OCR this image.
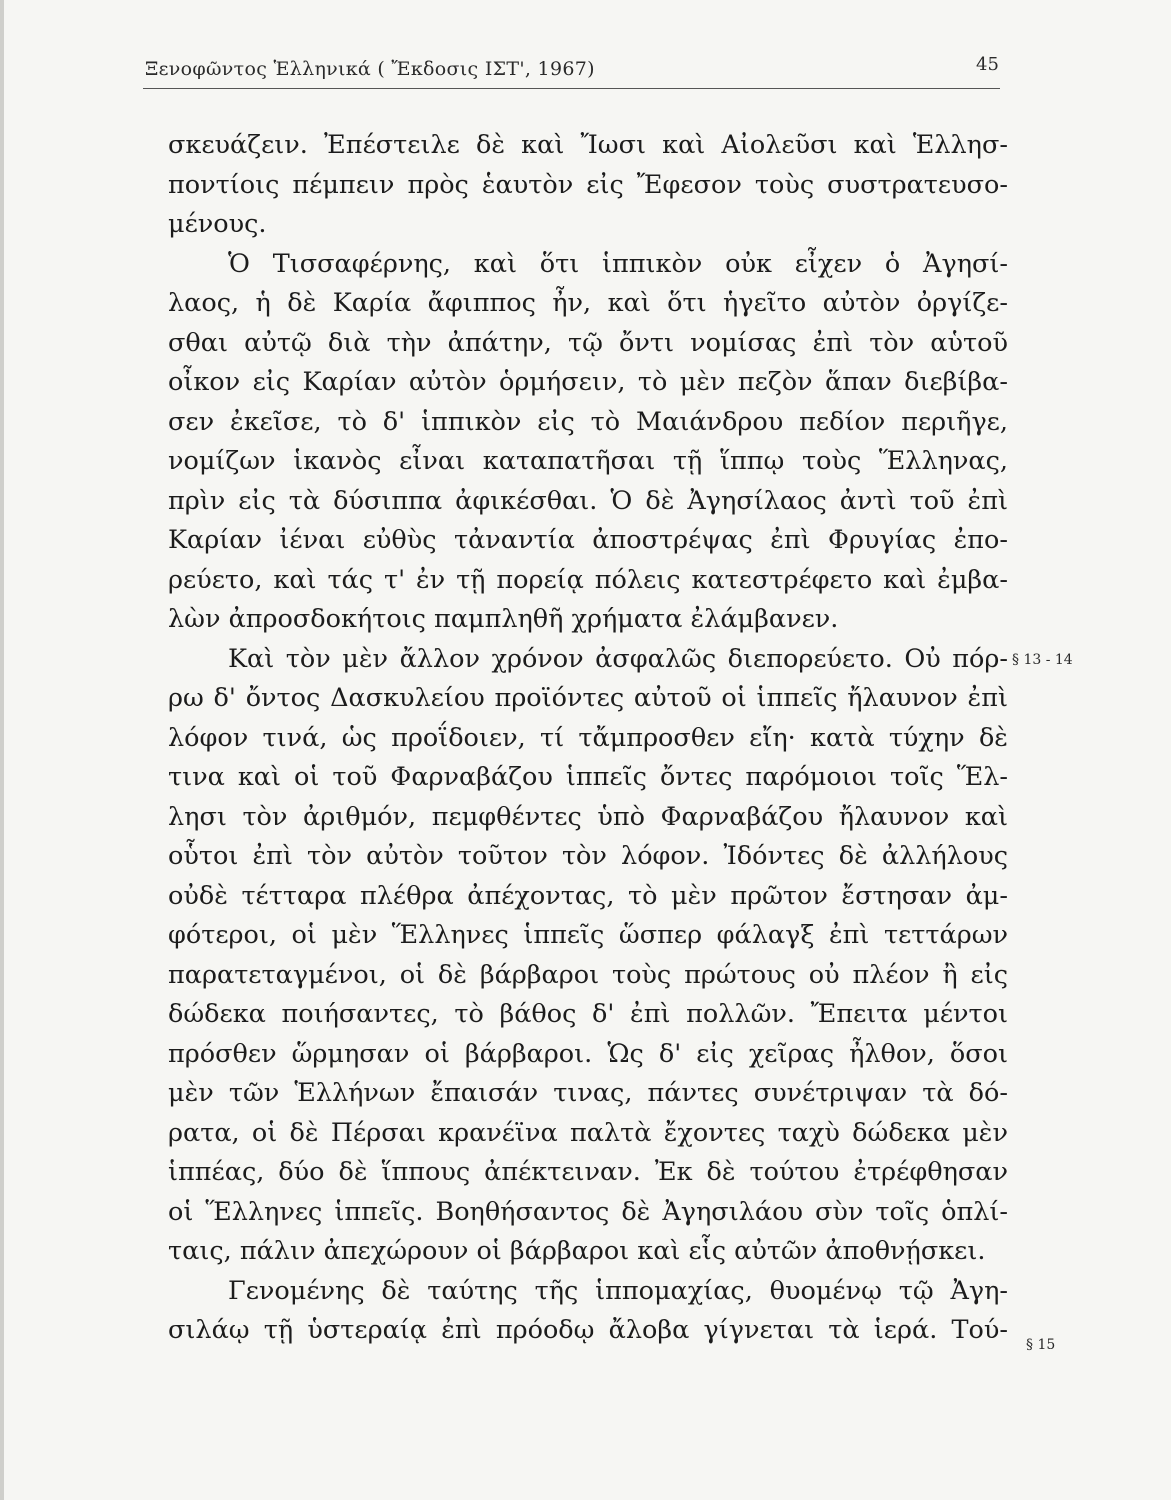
Ξενοφῶντος Ἑλληνικά ( Ἔκδοσις ΙΣΤ', 1967)	45
σκευάζειν. Ἐπέστειλε δὲ καὶ Ἴωσι καὶ Αἰολεῦσι καὶ Ἑλλησ-
ποντίοις πέμπειν πρὸς ἑαυτὸν εἰς Ἔφεσον τοὺς συστρατευσο-
μένους.
Ὁ Τισσαφέρνης, καὶ ὅτι ἱππικὸν οὐκ εἶχεν ὁ Ἀγησί-
λαος, ἡ δὲ Καρία ἄφιππος ἦν, καὶ ὅτι ἡγεῖτο αὐτὸν ὀργίζε-
σθαι αὐτῷ διὰ τὴν ἀπάτην, τῷ ὄντι νομίσας ἐπὶ τὸν αὑτοῦ
οἶκον εἰς Καρίαν αὐτὸν ὁρμήσειν, τὸ μὲν πεζὸν ἅπαν διεβίβα-
σεν ἐκεῖσε, τὸ δ' ἱππικὸν εἰς τὸ Μαιάνδρου πεδίον περιῆγε,
νομίζων ἱκανὸς εἶναι καταπατῆσαι τῇ ἵππῳ τοὺς Ἕλληνας,
πρὶν εἰς τὰ δύσιππα ἀφικέσθαι. Ὁ δὲ Ἀγησίλαος ἀντὶ τοῦ ἐπὶ
Καρίαν ἰέναι εὐθὺς τἀναντία ἀποστρέψας ἐπὶ Φρυγίας ἐπο-
ρεύετο, καὶ τάς τ' ἐν τῇ πορείᾳ πόλεις κατεστρέφετο καὶ ἐμβα-
λὼν ἀπροσδοκήτοις παμπληθῆ χρήματα ἐλάμβανεν.
Καὶ τὸν μὲν ἄλλον χρόνον ἀσφαλῶς διεπορεύετο. Οὐ πόρ-
ρω δ' ὄντος Δασκυλείου προϊόντες αὐτοῦ οἱ ἱππεῖς ἤλαυνον ἐπὶ
λόφον τινά, ὡς προΐδοιεν, τί τἄμπροσθεν εἴη· κατὰ τύχην δὲ
τινα καὶ οἱ τοῦ Φαρναβάζου ἱππεῖς ὄντες παρόμοιοι τοῖς Ἕλ-
λησι τὸν ἀριθμόν, πεμφθέντες ὑπὸ Φαρναβάζου ἤλαυνον καὶ
οὗτοι ἐπὶ τὸν αὐτὸν τοῦτον τὸν λόφον. Ἰδόντες δὲ ἀλλήλους
οὐδὲ τέτταρα πλέθρα ἀπέχοντας, τὸ μὲν πρῶτον ἔστησαν ἀμ-
φότεροι, οἱ μὲν Ἕλληνες ἱππεῖς ὥσπερ φάλαγξ ἐπὶ τεττάρων
παρατεταγμένοι, οἱ δὲ βάρβαροι τοὺς πρώτους οὐ πλέον ἢ εἰς
δώδεκα ποιήσαντες, τὸ βάθος δ' ἐπὶ πολλῶν. Ἔπειτα μέντοι
πρόσθεν ὥρμησαν οἱ βάρβαροι. Ὡς δ' εἰς χεῖρας ἦλθον, ὅσοι
μὲν τῶν Ἑλλήνων ἔπαισάν τινας, πάντες συνέτριψαν τὰ δό-
ρατα, οἱ δὲ Πέρσαι κρανέϊνα παλτὰ ἔχοντες ταχὺ δώδεκα μὲν
ἱππέας, δύο δὲ ἵππους ἀπέκτειναν. Ἐκ δὲ τούτου ἐτρέφθησαν
οἱ Ἕλληνες ἱππεῖς. Βοηθήσαντος δὲ Ἀγησιλάου σὺν τοῖς ὁπλί-
ταις, πάλιν ἀπεχώρουν οἱ βάρβαροι καὶ εἷς αὐτῶν ἀποθνῄσκει.
Γενομένης δὲ ταύτης τῆς ἱππομαχίας, θυομένῳ τῷ Ἀγη-
σιλάῳ τῇ ὑστεραίᾳ ἐπὶ πρόοδῳ ἄλοβα γίγνεται τὰ ἱερά. Τού-
§ 13 - 14
§ 15
